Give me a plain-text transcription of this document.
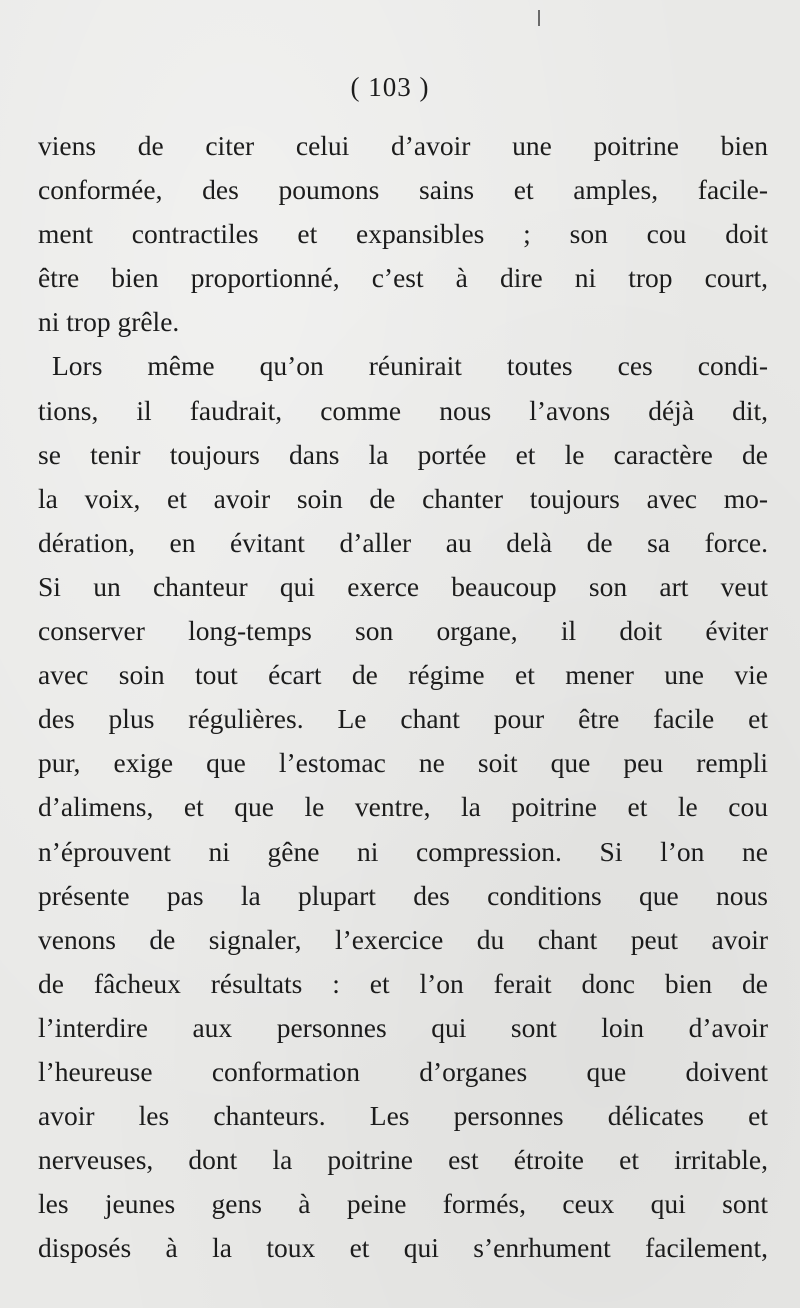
( 103 )
viens de citer celui d’avoir une poitrine bien
conformée, des poumons sains et amples, facile-
ment contractiles et expansibles ; son cou doit
être bien proportionné, c’est à dire ni trop court,
ni trop grêle.
Lors même qu’on réunirait toutes ces condi-
tions, il faudrait, comme nous l’avons déjà dit,
se tenir toujours dans la portée et le caractère de
la voix, et avoir soin de chanter toujours avec mo-
dération, en évitant d’aller au delà de sa force.
Si un chanteur qui exerce beaucoup son art veut
conserver long-temps son organe, il doit éviter
avec soin tout écart de régime et mener une vie
des plus régulières. Le chant pour être facile et
pur, exige que l’estomac ne soit que peu rempli
d’alimens, et que le ventre, la poitrine et le cou
n’éprouvent ni gêne ni compression. Si l’on ne
présente pas la plupart des conditions que nous
venons de signaler, l’exercice du chant peut avoir
de fâcheux résultats : et l’on ferait donc bien de
l’interdire aux personnes qui sont loin d’avoir
l’heureuse conformation d’organes que doivent
avoir les chanteurs. Les personnes délicates et
nerveuses, dont la poitrine est étroite et irritable,
les jeunes gens à peine formés, ceux qui sont
disposés à la toux et qui s’enrhument facilement,
